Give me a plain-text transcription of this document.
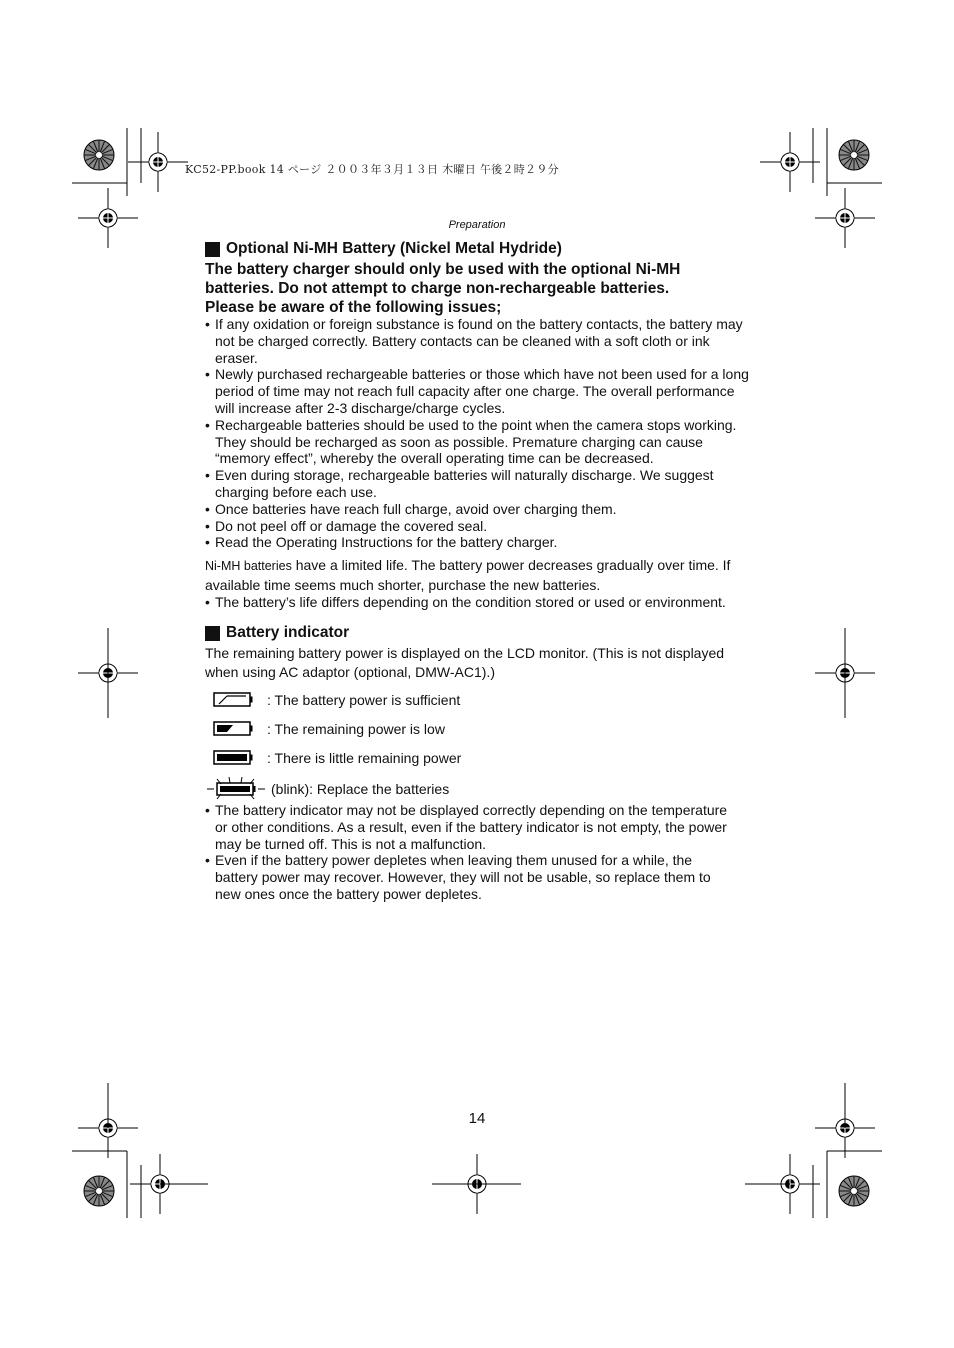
KC52-PP.book 14 ページ ２００３年３月１３日 木曜日 午後２時２９分
Preparation
Optional Ni-MH Battery (Nickel Metal Hydride)
The battery charger should only be used with the optional Ni-MH
batteries. Do not attempt to charge non-rechargeable batteries.
Please be aware of the following issues;
• If any oxidation or foreign substance is found on the battery contacts, the battery may not be charged correctly. Battery contacts can be cleaned with a soft cloth or ink eraser.
• Newly purchased rechargeable batteries or those which have not been used for a long period of time may not reach full capacity after one charge. The overall performance will increase after 2-3 discharge/charge cycles.
• Rechargeable batteries should be used to the point when the camera stops working. They should be recharged as soon as possible. Premature charging can cause “memory effect”, whereby the overall operating time can be decreased.
• Even during storage, rechargeable batteries will naturally discharge. We suggest charging before each use.
• Once batteries have reach full charge, avoid over charging them.
• Do not peel off or damage the covered seal.
• Read the Operating Instructions for the battery charger.
Ni-MH batteries have a limited life. The battery power decreases gradually over time. If available time seems much shorter, purchase the new batteries.
• The battery’s life differs depending on the condition stored or used or environment.
Battery indicator
The remaining battery power is displayed on the LCD monitor. (This is not displayed when using AC adaptor (optional, DMW-AC1).)
: The battery power is sufficient
: The remaining power is low
: There is little remaining power
(blink): Replace the batteries
• The battery indicator may not be displayed correctly depending on the temperature or other conditions. As a result, even if the battery indicator is not empty, the power may be turned off. This is not a malfunction.
• Even if the battery power depletes when leaving them unused for a while, the battery power may recover. However, they will not be usable, so replace them to new ones once the battery power depletes.
14
